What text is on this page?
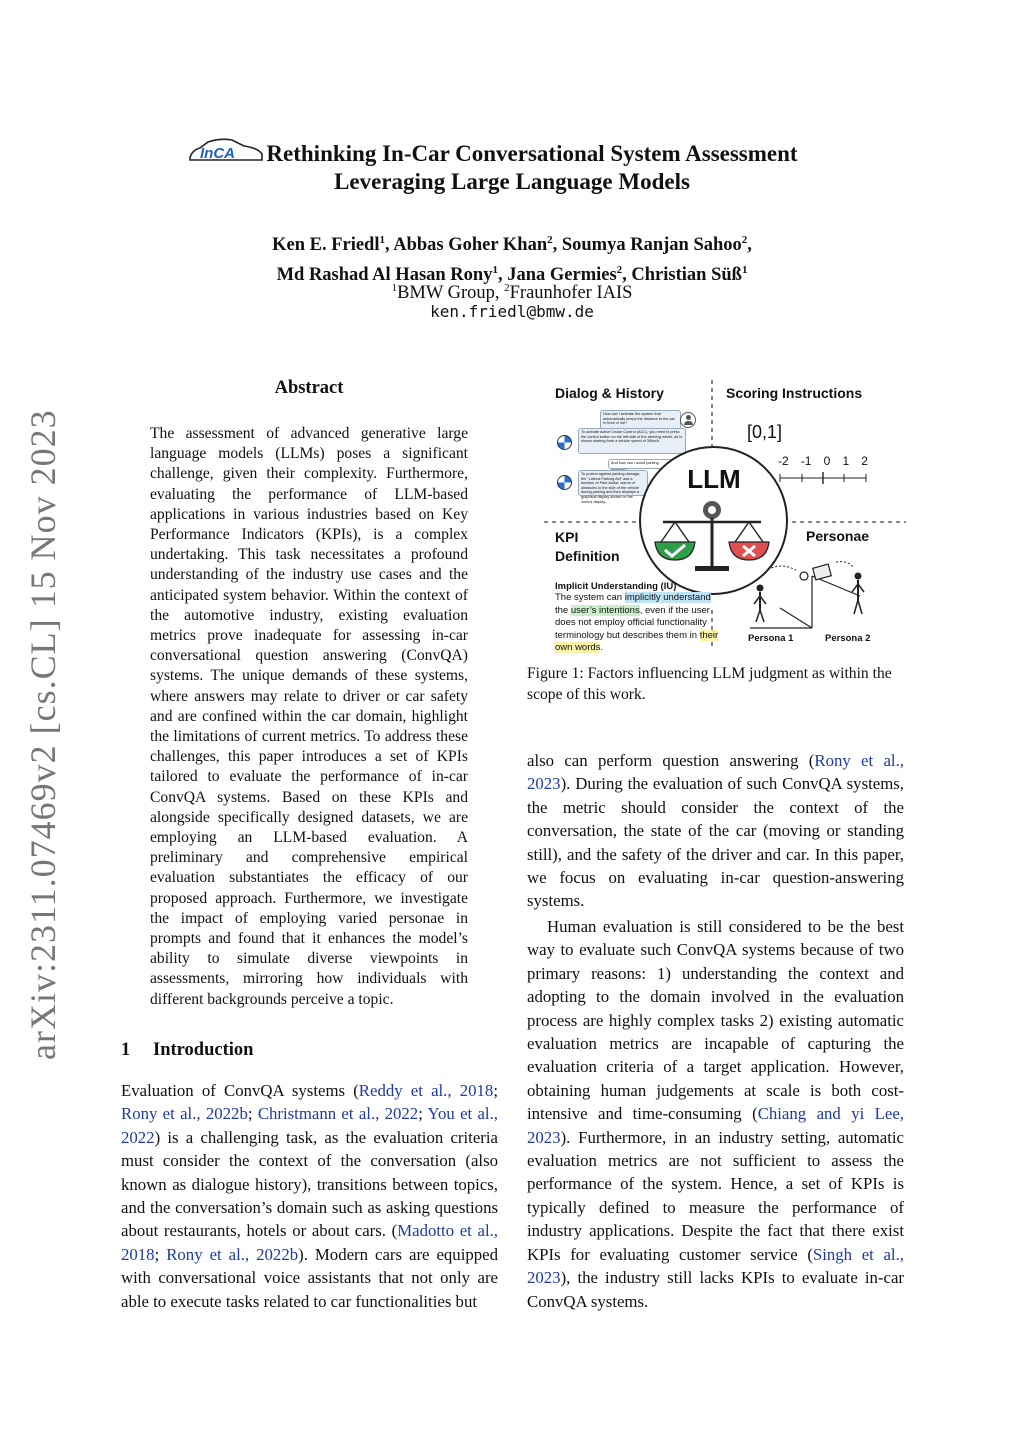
arXiv:2311.07469v2 [cs.CL] 15 Nov 2023
InCA	Rethinking In-Car Conversational System Assessment
Leveraging Large Language Models
Ken E. Friedl$^1$, Abbas Goher Khan$^2$, Soumya Ranjan Sahoo$^2$,
Md Rashad Al Hasan Rony$^1$, Jana Germies$^2$, Christian Süß$^1$
$^1$BMW Group, $^2$Fraunhofer IAIS
ken.friedl@bmw.de
Abstract
The assessment of advanced generative large language models (LLMs) poses a significant challenge, given their complexity. Furthermore, evaluating the performance of LLM-based applications in various industries based on Key Performance Indicators (KPIs), is a complex undertaking. This task necessitates a profound understanding of the industry use cases and the anticipated system behavior. Within the context of the automotive industry, existing evaluation metrics prove inadequate for assessing in-car conversational question answering (ConvQA) systems. The unique demands of these systems, where answers may relate to driver or car safety and are confined within the car domain, highlight the limitations of current metrics. To address these challenges, this paper introduces a set of KPIs tailored to evaluate the performance of in-car ConvQA systems. Based on these KPIs and alongside specifically designed datasets, we are employing an LLM-based evaluation. A preliminary and comprehensive empirical evaluation substantiates the efficacy of our proposed approach. Furthermore, we investigate the impact of employing varied personae in prompts and found that it enhances the model’s ability to simulate diverse viewpoints in assessments, mirroring how individuals with different backgrounds perceive a topic.
1 Introduction
Evaluation of ConvQA systems (Reddy et al., 2018; Rony et al., 2022b; Christmann et al., 2022; You et al., 2022) is a challenging task, as the evaluation criteria must consider the context of the conversation (also known as dialogue history), transitions between topics, and the conversation’s domain such as asking questions about restaurants, hotels or about cars. (Madotto et al., 2018; Rony et al., 2022b). Modern cars are equipped with conversational voice assistants that not only are able to execute tasks related to car functionalities but
also can perform question answering (Rony et al., 2023). During the evaluation of such ConvQA systems, the metric should consider the context of the conversation, the state of the car (moving or standing still), and the safety of the driver and car. In this paper, we focus on evaluating in-car question-answering systems.
Human evaluation is still considered to be the best way to evaluate such ConvQA systems because of two primary reasons: 1) understanding the context and adopting to the domain involved in the evaluation process are highly complex tasks 2) existing automatic evaluation metrics are incapable of capturing the evaluation criteria of a target application. However, obtaining human judgements at scale is both cost-intensive and time-consuming (Chiang and yi Lee, 2023). Furthermore, in an industry setting, automatic evaluation metrics are not sufficient to assess the performance of the system. Hence, a set of KPIs is typically defined to measure the performance of industry applications. Despite the fact that there exist KPIs for evaluating customer service (Singh et al., 2023), the industry still lacks KPIs to evaluate in-car ConvQA systems.
Dialog & History	Scoring Instructions
How can I activate the system that automatically keeps the distance to the car in front of me?
To activate Active Cruise Control (ACC), you need to press the control button on the left side of the steering wheel, as is shown starting from a vehicle speed of 30km/h.
And how can I avoid parking
To protect against parking damage, the "Lateral Parking Aid" and a function of Park Assist, warns of obstacles to the side of the vehicle during parking and then displays a graphical display shown on the control display.
[0,1]
-2 -1 0 1 2
LLM
KPI
Definition
Personae
Implicit Understanding (IU)
The system can implicitly understand the user’s intentions, even if the user does not employ official functionality terminology but describes them in their own words.
Persona 1	Persona 2
Figure 1: Factors influencing LLM judgment as within the scope of this work.
